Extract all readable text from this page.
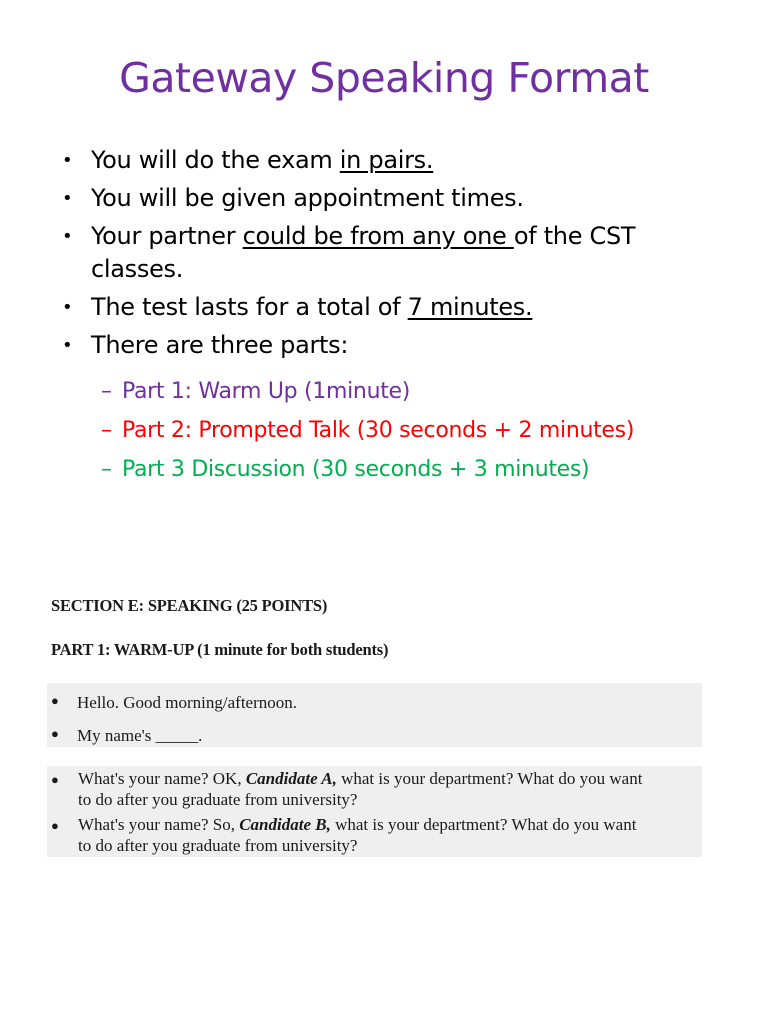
Gateway Speaking Format
• You will do the exam in pairs.
• You will be given appointment times.
• Your partner could be from any one of the CST
classes.
• The test lasts for a total of 7 minutes.
• There are three parts:
– Part 1: Warm Up (1minute)
– Part 2: Prompted Talk (30 seconds + 2 minutes)
– Part 3 Discussion (30 seconds + 3 minutes)
SECTION E: SPEAKING (25 POINTS)
PART 1: WARM-UP (1 minute for both students)
● Hello. Good morning/afternoon.
● My name's _____.
● What's your name? OK, Candidate A, what is your department? What do you want
to do after you graduate from university?
● What's your name? So, Candidate B, what is your department? What do you want
to do after you graduate from university?
